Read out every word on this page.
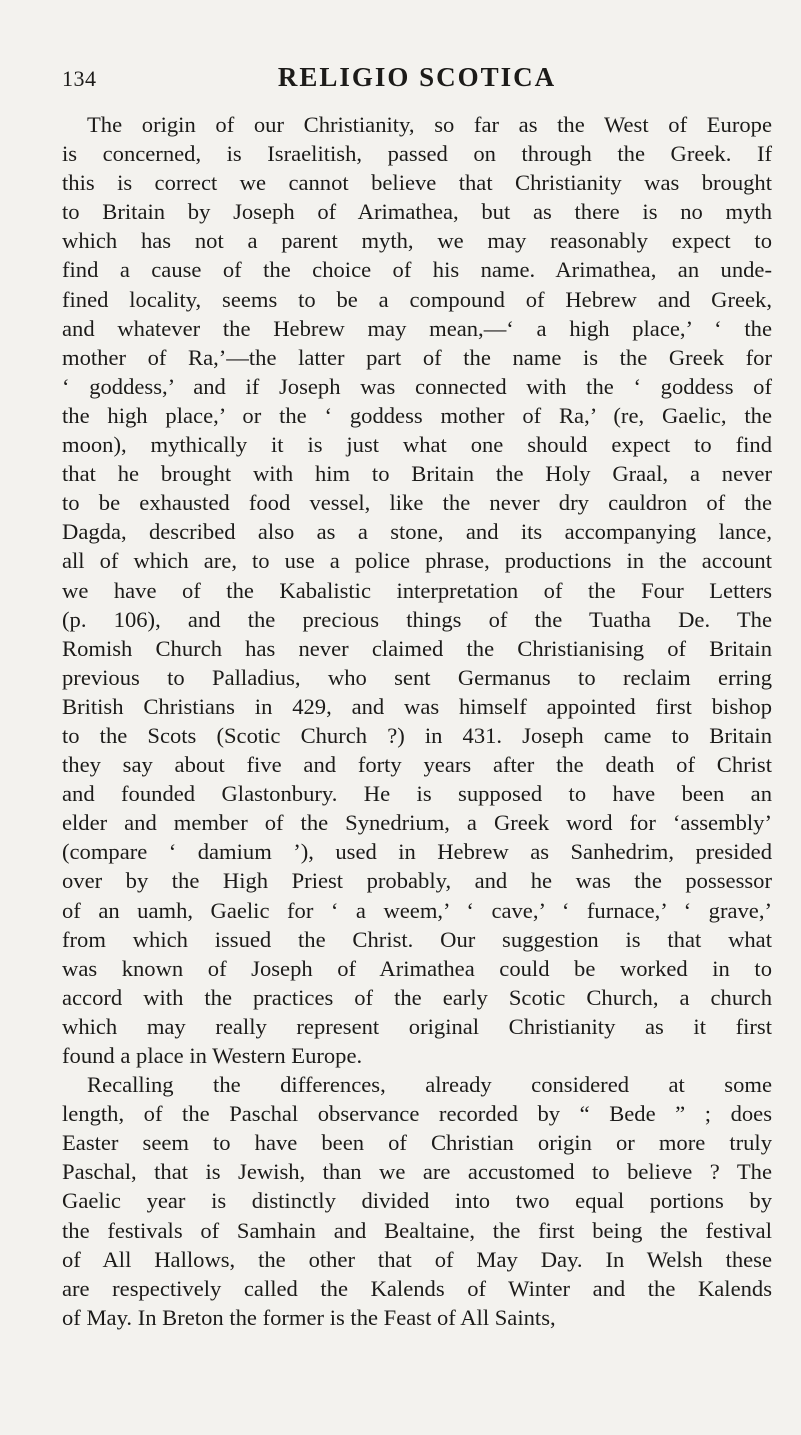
134	RELIGIO SCOTICA
The origin of our Christianity, so far as the West of Europe
is concerned, is Israelitish, passed on through the Greek. If
this is correct we cannot believe that Christianity was brought
to Britain by Joseph of Arimathea, but as there is no myth
which has not a parent myth, we may reasonably expect to
find a cause of the choice of his name. Arimathea, an unde-
fined locality, seems to be a compound of Hebrew and Greek,
and whatever the Hebrew may mean,—‘ a high place,’ ‘ the
mother of Ra,’—the latter part of the name is the Greek for
‘ goddess,’ and if Joseph was connected with the ‘ goddess of
the high place,’ or the ‘ goddess mother of Ra,’ (re, Gaelic, the
moon), mythically it is just what one should expect to find
that he brought with him to Britain the Holy Graal, a never
to be exhausted food vessel, like the never dry cauldron of the
Dagda, described also as a stone, and its accompanying lance,
all of which are, to use a police phrase, productions in the account
we have of the Kabalistic interpretation of the Four Letters
(p. 106), and the precious things of the Tuatha De. The
Romish Church has never claimed the Christianising of Britain
previous to Palladius, who sent Germanus to reclaim erring
British Christians in 429, and was himself appointed first bishop
to the Scots (Scotic Church ?) in 431. Joseph came to Britain
they say about five and forty years after the death of Christ
and founded Glastonbury. He is supposed to have been an
elder and member of the Synedrium, a Greek word for ‘assembly’
(compare ‘ damium ’), used in Hebrew as Sanhedrim, presided
over by the High Priest probably, and he was the possessor
of an uamh, Gaelic for ‘ a weem,’ ‘ cave,’ ‘ furnace,’ ‘ grave,’
from which issued the Christ. Our suggestion is that what
was known of Joseph of Arimathea could be worked in to
accord with the practices of the early Scotic Church, a church
which may really represent original Christianity as it first
found a place in Western Europe.
Recalling the differences, already considered at some
length, of the Paschal observance recorded by “ Bede ” ; does
Easter seem to have been of Christian origin or more truly
Paschal, that is Jewish, than we are accustomed to believe ? The
Gaelic year is distinctly divided into two equal portions by
the festivals of Samhain and Bealtaine, the first being the festival
of All Hallows, the other that of May Day. In Welsh these
are respectively called the Kalends of Winter and the Kalends
of May. In Breton the former is the Feast of All Saints,
